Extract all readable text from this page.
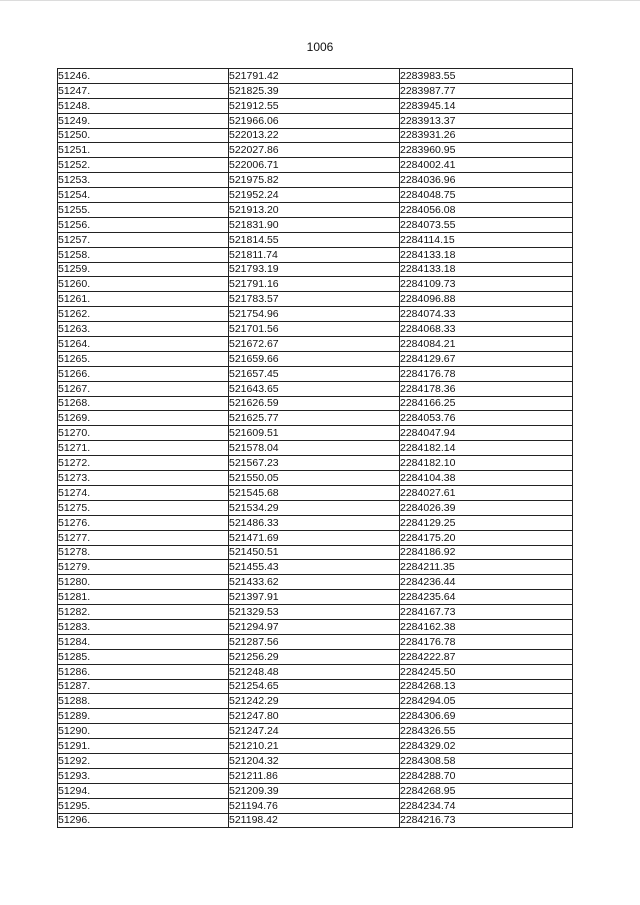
1006
51246.	521791.42	2283983.55
51247.	521825.39	2283987.77
51248.	521912.55	2283945.14
51249.	521966.06	2283913.37
51250.	522013.22	2283931.26
51251.	522027.86	2283960.95
51252.	522006.71	2284002.41
51253.	521975.82	2284036.96
51254.	521952.24	2284048.75
51255.	521913.20	2284056.08
51256.	521831.90	2284073.55
51257.	521814.55	2284114.15
51258.	521811.74	2284133.18
51259.	521793.19	2284133.18
51260.	521791.16	2284109.73
51261.	521783.57	2284096.88
51262.	521754.96	2284074.33
51263.	521701.56	2284068.33
51264.	521672.67	2284084.21
51265.	521659.66	2284129.67
51266.	521657.45	2284176.78
51267.	521643.65	2284178.36
51268.	521626.59	2284166.25
51269.	521625.77	2284053.76
51270.	521609.51	2284047.94
51271.	521578.04	2284182.14
51272.	521567.23	2284182.10
51273.	521550.05	2284104.38
51274.	521545.68	2284027.61
51275.	521534.29	2284026.39
51276.	521486.33	2284129.25
51277.	521471.69	2284175.20
51278.	521450.51	2284186.92
51279.	521455.43	2284211.35
51280.	521433.62	2284236.44
51281.	521397.91	2284235.64
51282.	521329.53	2284167.73
51283.	521294.97	2284162.38
51284.	521287.56	2284176.78
51285.	521256.29	2284222.87
51286.	521248.48	2284245.50
51287.	521254.65	2284268.13
51288.	521242.29	2284294.05
51289.	521247.80	2284306.69
51290.	521247.24	2284326.55
51291.	521210.21	2284329.02
51292.	521204.32	2284308.58
51293.	521211.86	2284288.70
51294.	521209.39	2284268.95
51295.	521194.76	2284234.74
51296.	521198.42	2284216.73
